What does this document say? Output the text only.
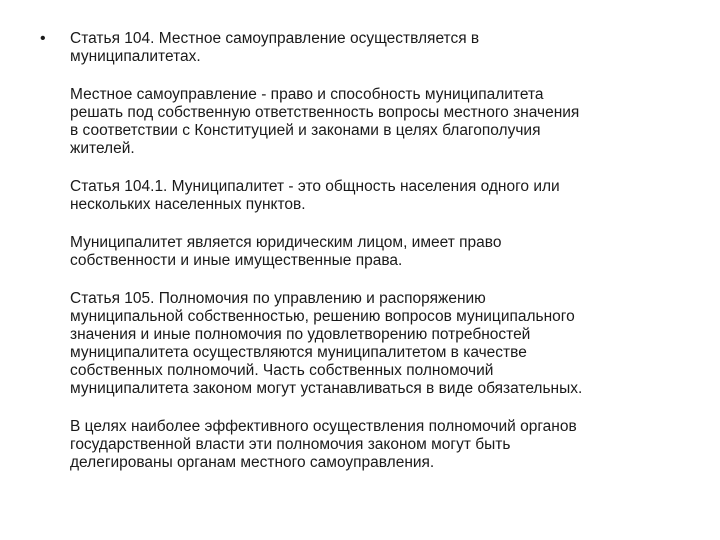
• Статья 104. Местное самоуправление осуществляется в
муниципалитетах.

Местное самоуправление - право и способность муниципалитета
решать под собственную ответственность вопросы местного значения
в соответствии с Конституцией и законами в целях благополучия
жителей.

Статья 104.1. Муниципалитет - это общность населения одного или
нескольких населенных пунктов.

Муниципалитет является юридическим лицом, имеет право
собственности и иные имущественные права.

Статья 105. Полномочия по управлению и распоряжению
муниципальной собственностью, решению вопросов муниципального
значения и иные полномочия по удовлетворению потребностей
муниципалитета осуществляются муниципалитетом в качестве
собственных полномочий. Часть собственных полномочий
муниципалитета законом могут устанавливаться в виде обязательных.

В целях наиболее эффективного осуществления полномочий органов
государственной власти эти полномочия законом могут быть
делегированы органам местного самоуправления.
